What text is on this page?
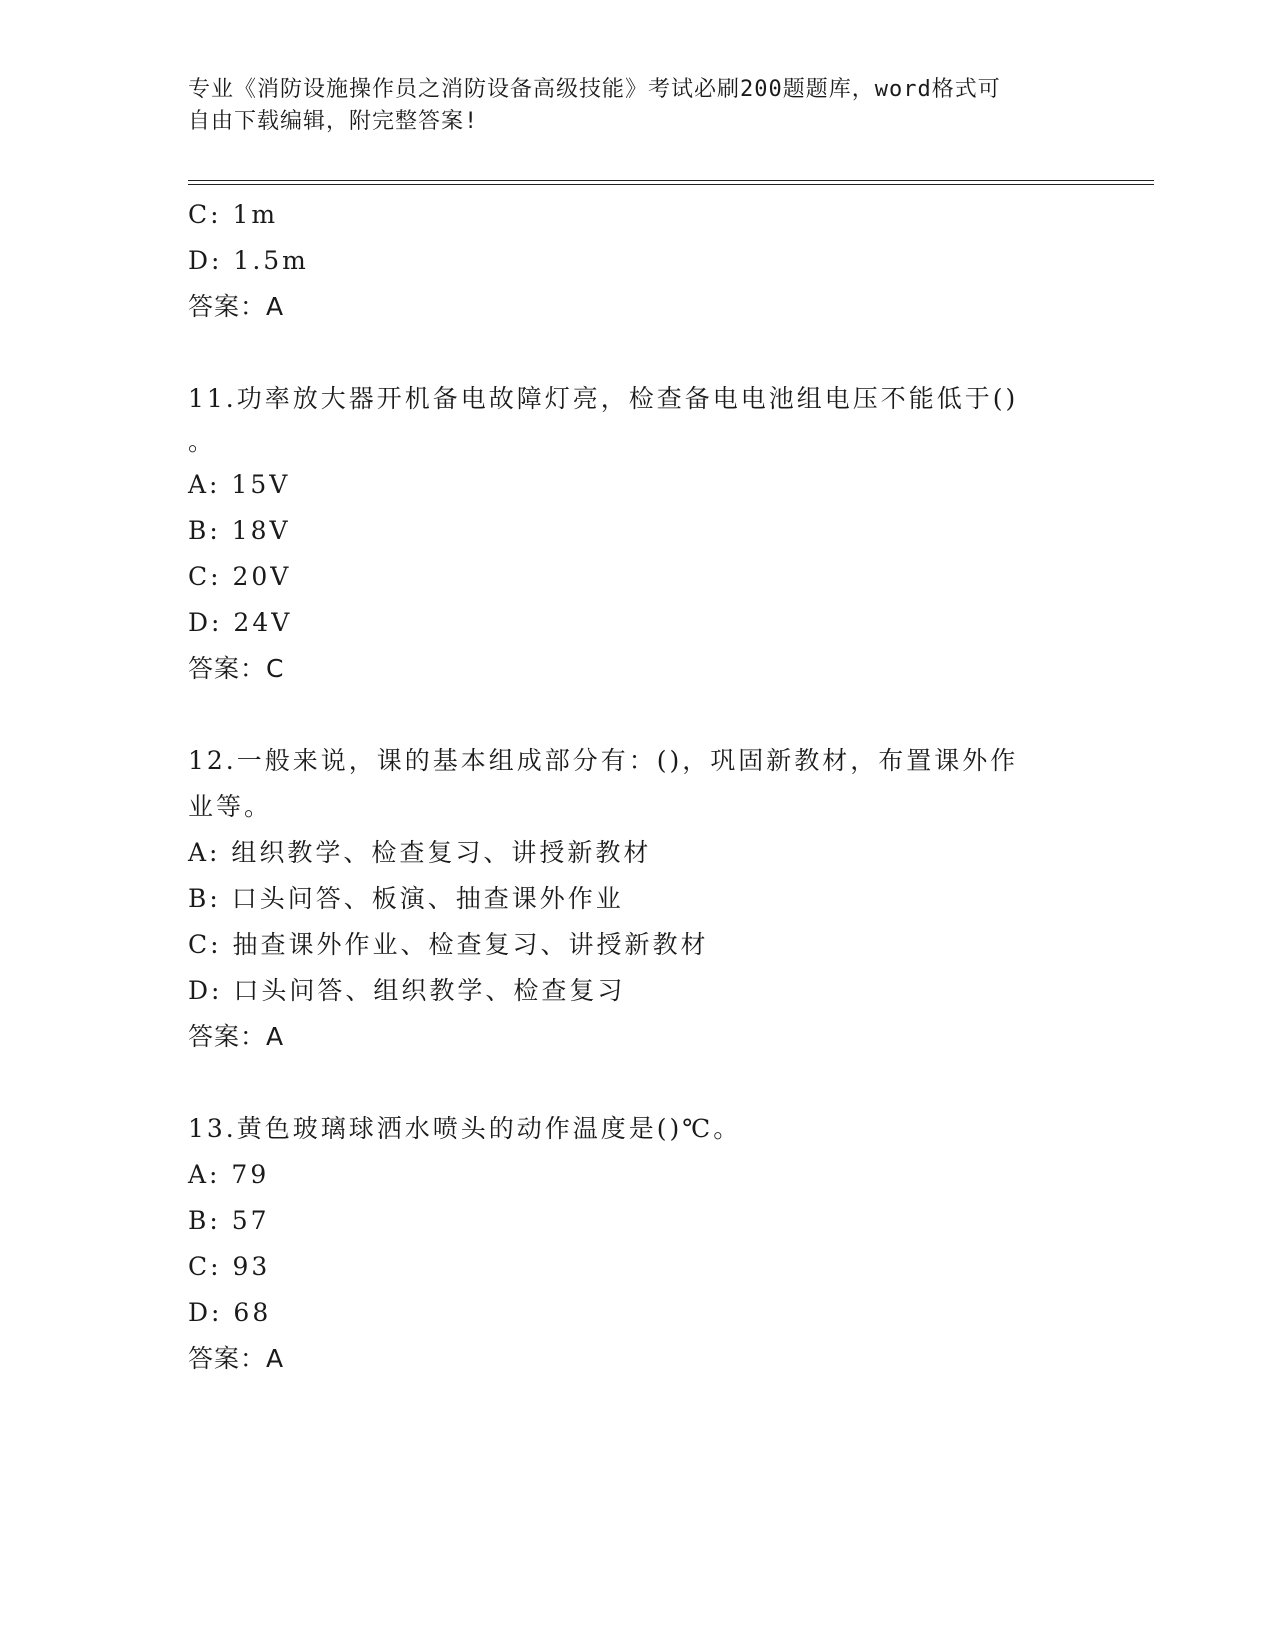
专业《消防设施操作员之消防设备高级技能》考试必刷200题题库，word格式可
自由下载编辑，附完整答案!
C: 1m
D: 1.5m
答案：A
11.功率放大器开机备电故障灯亮，检查备电电池组电压不能低于()
。
A: 15V
B: 18V
C: 20V
D: 24V
答案：C
12.一般来说，课的基本组成部分有：()，巩固新教材，布置课外作
业等。
A: 组织教学、检查复习、讲授新教材
B: 口头问答、板演、抽查课外作业
C: 抽查课外作业、检查复习、讲授新教材
D: 口头问答、组织教学、检查复习
答案：A
13.黄色玻璃球洒水喷头的动作温度是()℃。
A: 79
B: 57
C: 93
D: 68
答案：A
